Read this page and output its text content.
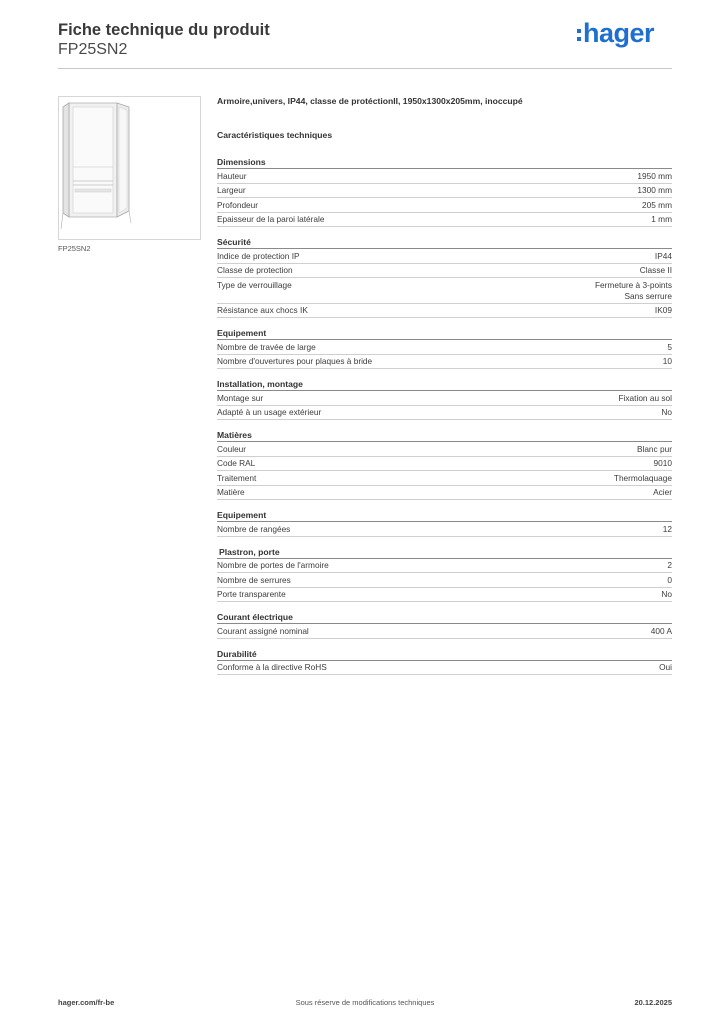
Fiche technique du produit
FP25SN2
hager
FP25SN2
Armoire,univers, IP44, classe de protéctionII, 1950x1300x205mm, inoccupé
Caractéristiques techniques
Dimensions
Hauteur	1950 mm
Largeur	1300 mm
Profondeur	205 mm
Epaisseur de la paroi latérale	1 mm
Sécurité
Indice de protection IP	IP44
Classe de protection	Classe II
Type de verrouillage	Fermeture à 3-points
Sans serrure
Résistance aux chocs IK	IK09
Equipement
Nombre de travée de large	5
Nombre d'ouvertures pour plaques à bride	10
Installation, montage
Montage sur	Fixation au sol
Adapté à un usage extérieur	No
Matières
Couleur	Blanc pur
Code RAL	9010
Traitement	Thermolaquage
Matière	Acier
Equipement
Nombre de rangées	12
Plastron, porte
Nombre de portes de l'armoire	2
Nombre de serrures	0
Porte transparente	No
Courant électrique
Courant assigné nominal	400 A
Durabilité
Conforme à la directive RoHS	Oui
Sous réserve de modifications techniques
hager.com/fr-be	20.12.2025
